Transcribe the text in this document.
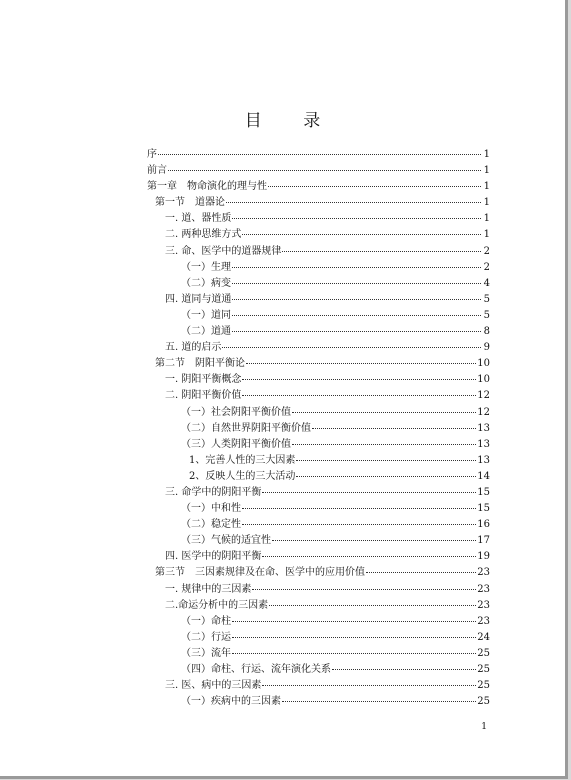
目 录
序	1
前言	1
第一章　物命演化的理与性	1
第一节　道器论	1
一. 道、器性质	1
二. 两种思维方式	1
三. 命、医学中的道器规律	2
（一）生理	2
（二）病变	4
四. 道同与道通	5
（一）道同	5
（二）道通	8
五. 道的启示	9
第二节　阴阳平衡论	10
一. 阴阳平衡概念	10
二. 阴阳平衡价值	12
（一）社会阴阳平衡价值	12
（二）自然世界阴阳平衡价值	13
（三）人类阴阳平衡价值	13
1、完善人性的三大因素	13
2、反映人生的三大活动	14
三. 命学中的阴阳平衡	15
（一）中和性	15
（二）稳定性	16
（三）气候的适宜性	17
四. 医学中的阴阳平衡	19
第三节　三因素规律及在命、医学中的应用价值	23
一. 规律中的三因素	23
二.命运分析中的三因素	23
（一）命柱	23
（二）行运	24
（三）流年	25
（四）命柱、行运、流年演化关系	25
三. 医、病中的三因素	25
（一）疾病中的三因素	25
1
